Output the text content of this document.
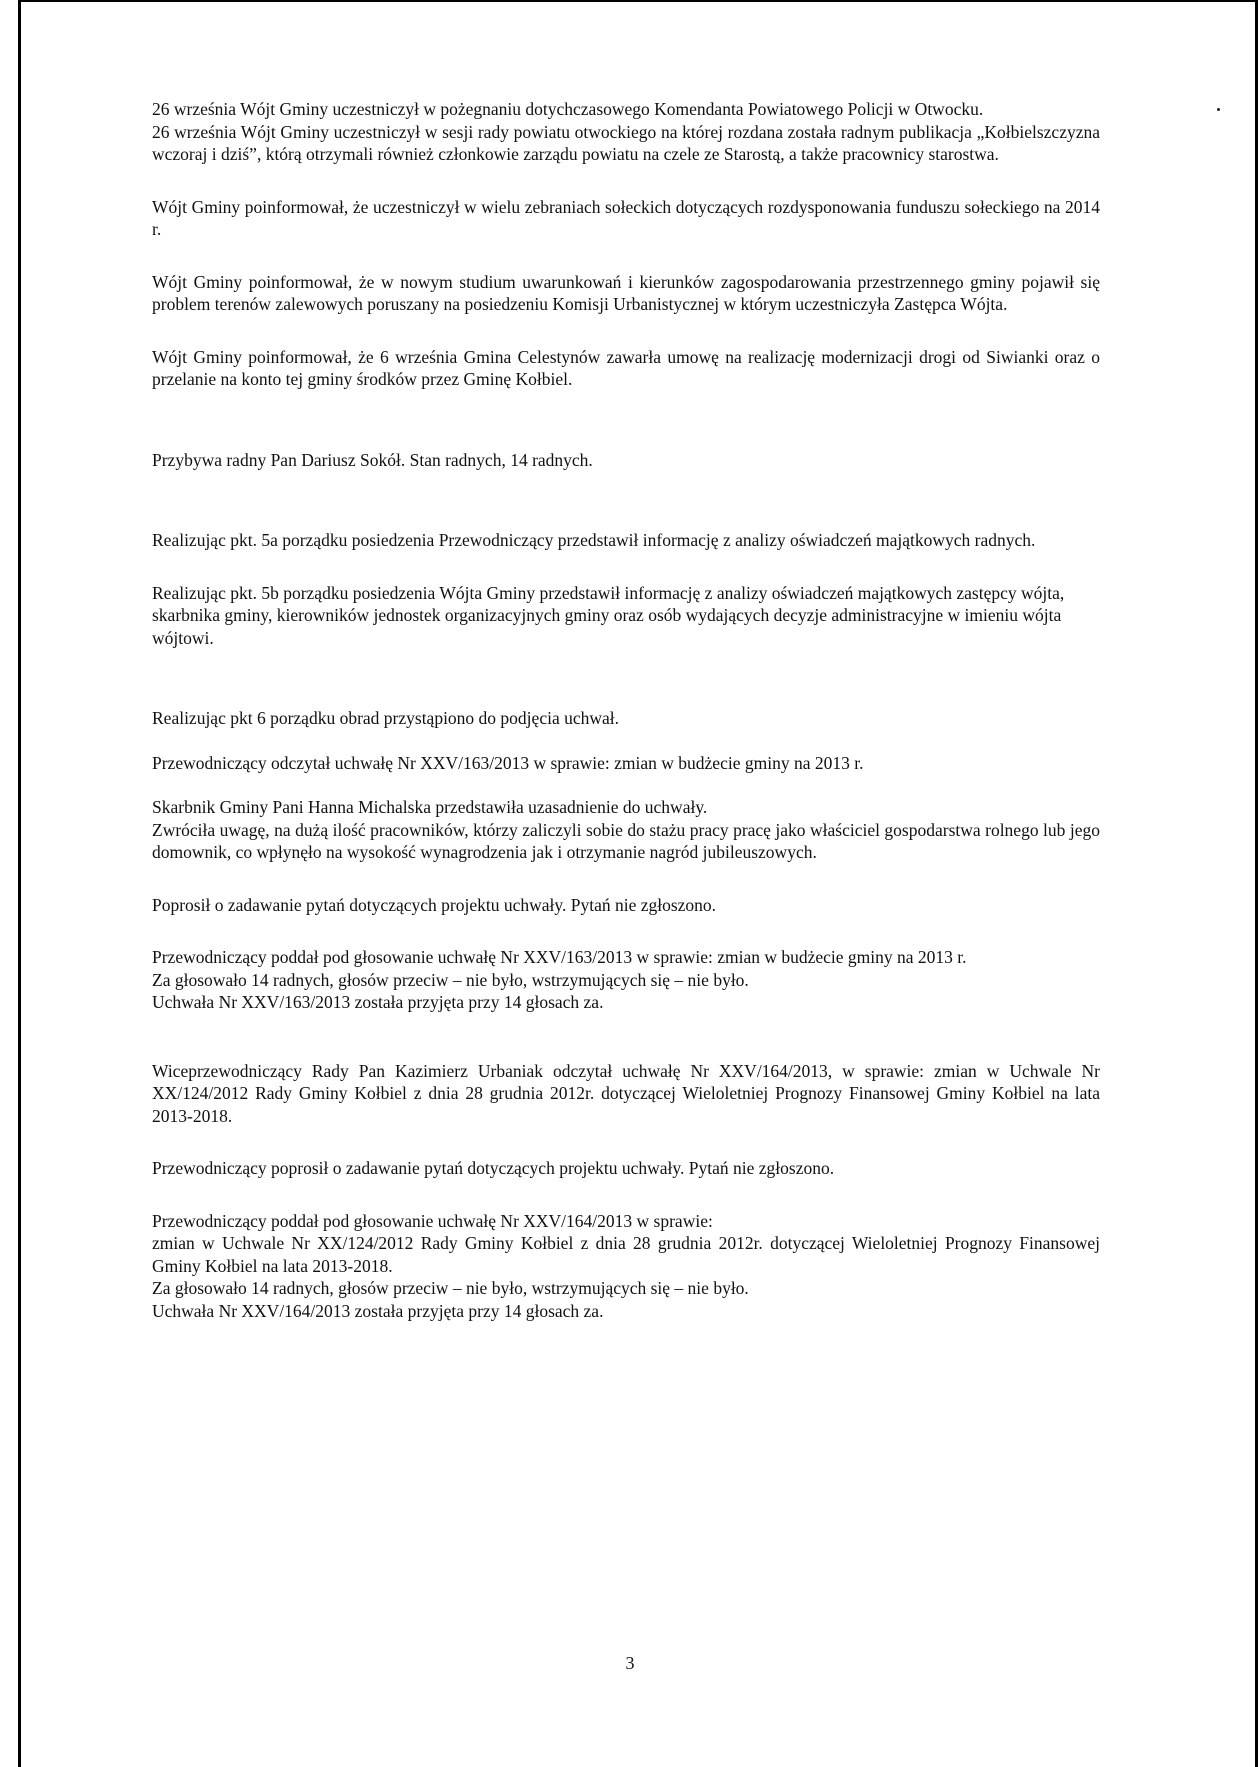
26 września Wójt Gminy uczestniczył w pożegnaniu dotychczasowego Komendanta Powiatowego Policji w Otwocku.

26 września Wójt Gminy uczestniczył w sesji rady powiatu otwockiego na której rozdana została radnym publikacja „Kołbielszczyzna wczoraj i dziś”, którą otrzymali również członkowie zarządu powiatu na czele ze Starostą, a także pracownicy starostwa.

Wójt Gminy poinformował, że uczestniczył w wielu zebraniach sołeckich dotyczących rozdysponowania funduszu sołeckiego na 2014 r.

Wójt Gminy poinformował, że w nowym studium uwarunkowań i kierunków zagospodarowania przestrzennego gminy pojawił się problem terenów zalewowych poruszany na posiedzeniu Komisji Urbanistycznej w którym uczestniczyła Zastępca Wójta.

Wójt Gminy poinformował, że 6 września Gmina Celestynów zawarła umowę na realizację modernizacji drogi od Siwianki oraz o przelanie na konto tej gminy środków przez Gminę Kołbiel.

Przybywa radny Pan Dariusz Sokół. Stan radnych, 14 radnych.

Realizując pkt. 5a porządku posiedzenia Przewodniczący przedstawił informację z analizy oświadczeń majątkowych radnych.

Realizując pkt. 5b porządku posiedzenia Wójta Gminy przedstawił informację z analizy oświadczeń majątkowych zastępcy wójta, skarbnika gminy, kierowników jednostek organizacyjnych gminy oraz osób wydających decyzje administracyjne w imieniu wójta wójtowi.

Realizując pkt 6 porządku obrad przystąpiono do podjęcia uchwał.

Przewodniczący odczytał uchwałę Nr XXV/163/2013 w sprawie: zmian w budżecie gminy na 2013 r.

Skarbnik Gminy Pani Hanna Michalska przedstawiła uzasadnienie do uchwały.

Zwróciła uwagę, na dużą ilość pracowników, którzy zaliczyli sobie do stażu pracy pracę jako właściciel gospodarstwa rolnego lub jego domownik, co wpłynęło na wysokość wynagrodzenia jak i otrzymanie nagród jubileuszowych.

Poprosił o zadawanie pytań dotyczących projektu uchwały. Pytań nie zgłoszono.

Przewodniczący poddał pod głosowanie uchwałę Nr XXV/163/2013 w sprawie: zmian w budżecie gminy na 2013 r.

Za głosowało 14 radnych, głosów przeciw – nie było, wstrzymujących się – nie było.

Uchwała Nr XXV/163/2013 została przyjęta przy 14 głosach za.

Wiceprzewodniczący Rady Pan Kazimierz Urbaniak odczytał uchwałę Nr XXV/164/2013, w sprawie: zmian w Uchwale Nr XX/124/2012 Rady Gminy Kołbiel z dnia 28 grudnia 2012r. dotyczącej Wieloletniej Prognozy Finansowej Gminy Kołbiel na lata 2013-2018.

Przewodniczący poprosił o zadawanie pytań dotyczących projektu uchwały. Pytań nie zgłoszono.

Przewodniczący poddał pod głosowanie uchwałę Nr XXV/164/2013 w sprawie:

zmian w Uchwale Nr XX/124/2012 Rady Gminy Kołbiel z dnia 28 grudnia 2012r. dotyczącej Wieloletniej Prognozy Finansowej Gminy Kołbiel na lata 2013-2018.

Za głosowało 14 radnych, głosów przeciw – nie było, wstrzymujących się – nie było.

Uchwała Nr XXV/164/2013 została przyjęta przy 14 głosach za.

3
